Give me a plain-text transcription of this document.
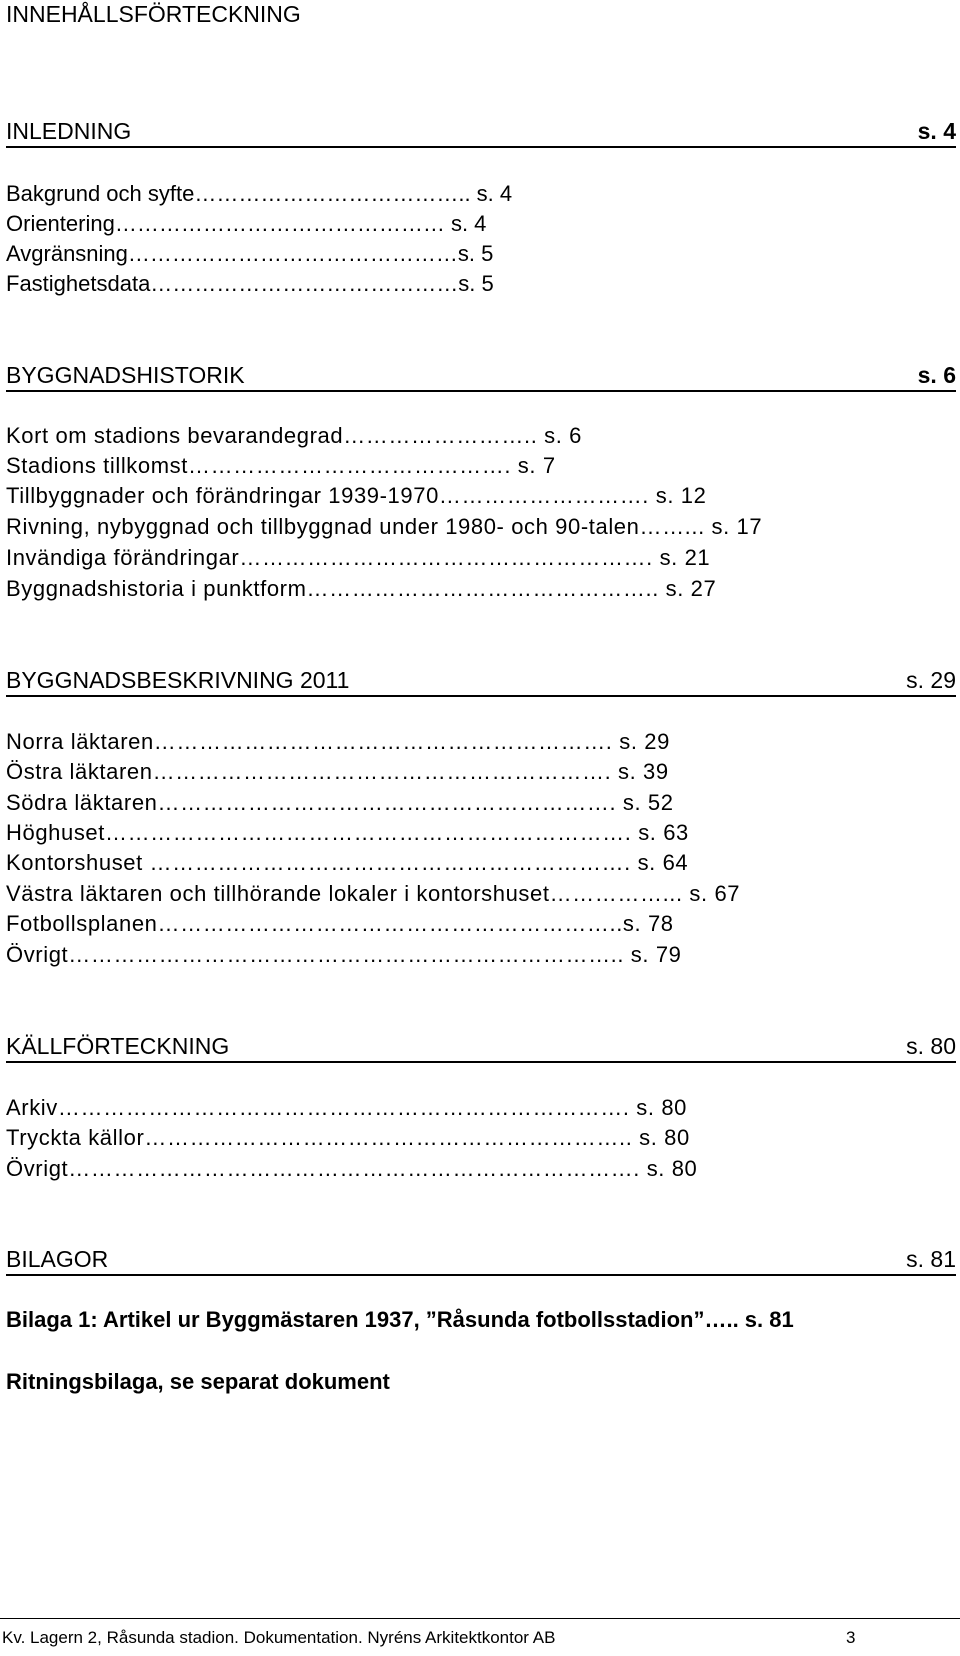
INNEHÅLLSFÖRTECKNING
INLEDNING	s. 4
Bakgrund och syfte……………………………….. s. 4
Orientering……………………………………… s. 4
Avgränsning………………………………………s. 5
Fastighetsdata……………………………………s. 5
BYGGNADSHISTORIK	s. 6
Kort om stadions bevarandegrad…………………….. s. 6
Stadions tillkomst……………………………………. s. 7
Tillbyggnader och förändringar 1939-1970………………………. s. 12
Rivning, nybyggnad och tillbyggnad under 1980- och 90-talen……... s. 17
Invändiga förändringar………………………………………………. s. 21
Byggnadshistoria i punktform……………………………………….. s. 27
BYGGNADSBESKRIVNING 2011	s. 29
Norra läktaren……………………………………………………. s. 29
Östra läktaren……………………………………………………. s. 39
Södra läktaren……………………………………………………. s. 52
Höghuset……………………………………………………………. s. 63
Kontorshuset ………………………………………………………. s. 64
Västra läktaren och tillhörande lokaler i kontorshuset……………... s. 67
Fotbollsplanen……………………………………………………..s. 78
Övrigt……………………………………………………………….. s. 79
KÄLLFÖRTECKNING	s. 80
Arkiv…………………………………………………………………. s. 80
Tryckta källor……………………………………………………….. s. 80
Övrigt…………………………………………………………………. s. 80
BILAGOR	s. 81
Bilaga 1: Artikel ur Byggmästaren 1937, ”Råsunda fotbollsstadion”….. s. 81
Ritningsbilaga, se separat dokument
Kv. Lagern 2, Råsunda stadion. Dokumentation. Nyréns Arkitektkontor AB	3
